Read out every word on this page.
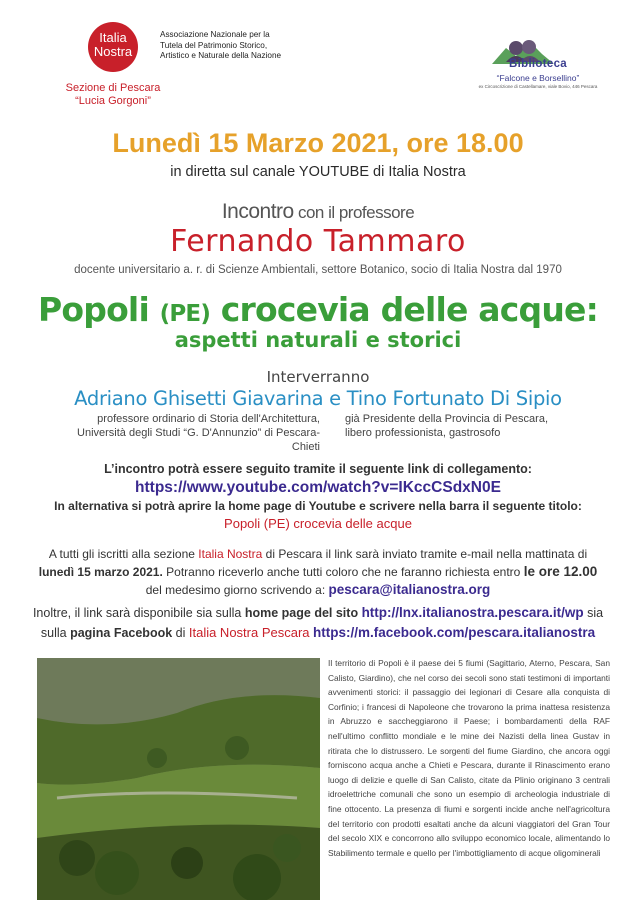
Italia
Nostra
Sezione di Pescara
“Lucia Gorgoni”
Associazione Nazionale per la
Tutela del Patrimonio Storico,
Artistico e Naturale della Nazione
Biblioteca
“Falcone e Borsellino”
ex Circoscrizione di Castellamare, viale Bovio, 446 Pescara
Lunedì 15 Marzo 2021, ore 18.00
in diretta sul canale YOUTUBE di Italia Nostra
Incontro con il professore
Fernando Tammaro
docente universitario a. r. di Scienze Ambientali, settore Botanico, socio di Italia Nostra dal 1970
Popoli (PE) crocevia delle acque:
aspetti naturali e storici
Interverranno
Adriano Ghisetti Giavarina e Tino Fortunato Di Sipio
professore ordinario di Storia dell'Architettura,
Università degli Studi “G. D'Annunzio” di Pescara-Chieti
già Presidente della Provincia di Pescara,
libero professionista, gastrosofo
L’incontro potrà essere seguito tramite il seguente link di collegamento:
https://www.youtube.com/watch?v=IKccCSdxN0E
In alternativa si potrà aprire la home page di Youtube e scrivere nella barra il seguente titolo:
Popoli (PE) crocevia delle acque
A tutti gli iscritti alla sezione Italia Nostra di Pescara il link sarà inviato tramite e-mail nella mattinata di
lunedì 15 marzo 2021. Potranno riceverlo anche tutti coloro che ne faranno richiesta entro le ore 12.00
del medesimo giorno scrivendo a: pescara@italianostra.org
Inoltre, il link sarà disponibile sia sulla home page del sito http://lnx.italianostra.pescara.it/wp sia
sulla pagina Facebook di Italia Nostra Pescara https://m.facebook.com/pescara.italianostra
Il territorio di Popoli è il paese dei 5 fiumi (Sagittario, Aterno, Pescara, San Calisto, Giardino), che nel corso dei secoli sono stati testimoni di importanti avvenimenti storici: il passaggio dei legionari di Cesare alla conquista di Corfinio; i francesi di Napoleone che trovarono la prima inattesa resistenza in Abruzzo e saccheggiarono il Paese; i bombardamenti della RAF nell'ultimo conflitto mondiale e le mine dei Nazisti della linea Gustav in ritirata che lo distrussero. Le sorgenti del fiume Giardino, che ancora oggi forniscono acqua anche a Chieti e Pescara, durante il Rinascimento erano luogo di delizie e quelle di San Calisto, citate da Plinio originano 3 centrali idroelettriche comunali che sono un esempio di archeologia industriale di fine ottocento. La presenza di fiumi e sorgenti incide anche nell'agricoltura del territorio con prodotti esaltati anche da alcuni viaggiatori del Gran Tour del secolo XIX e concorrono allo sviluppo economico locale, alimentando lo Stabilimento termale e quello per l'imbottigliamento di acque oligominerali
